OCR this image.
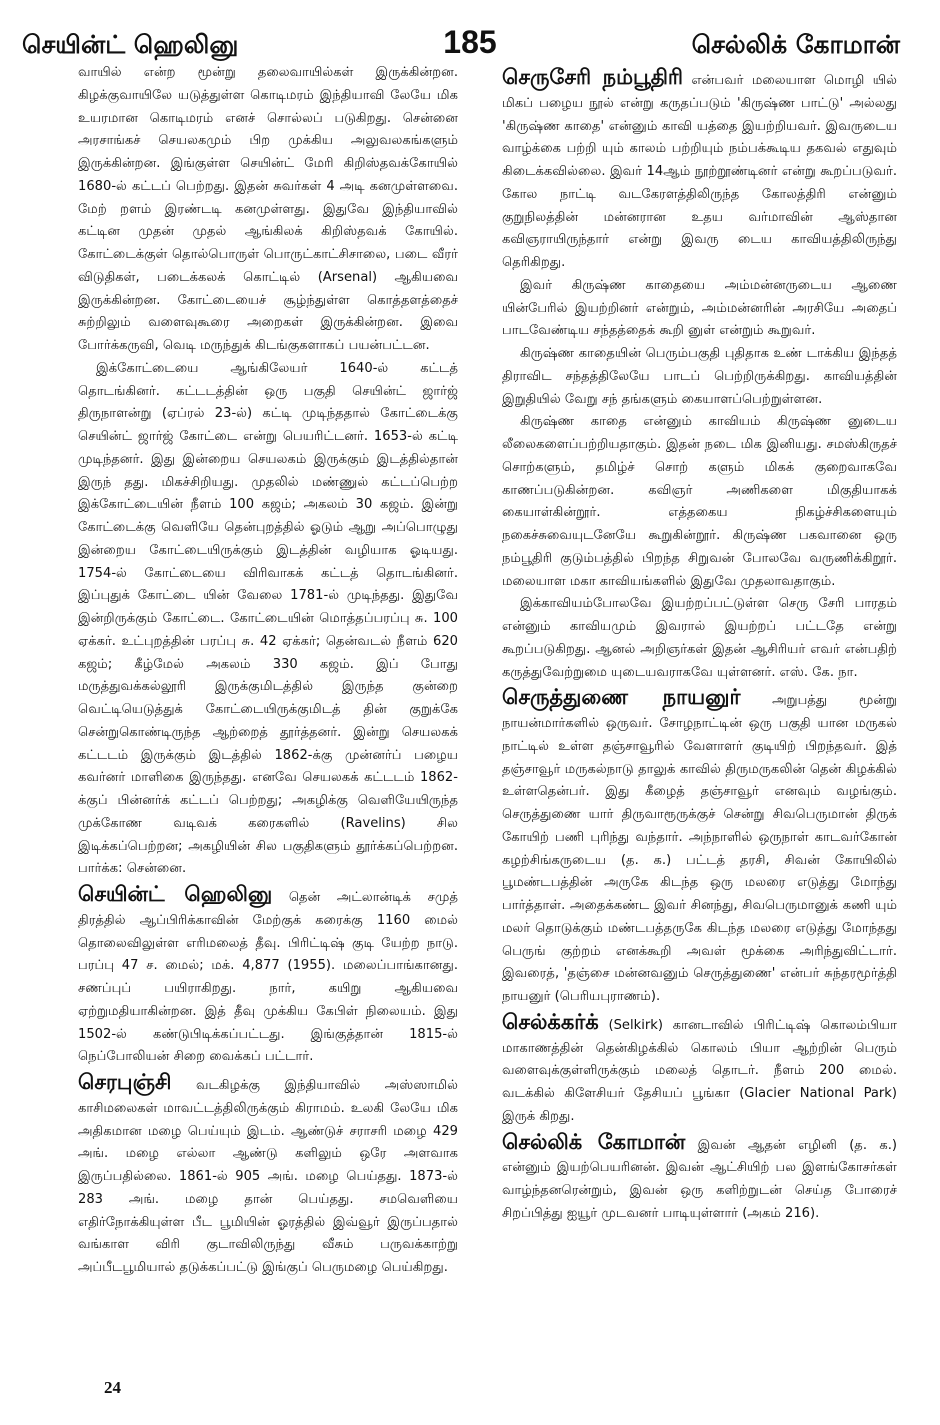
செயின்ட் ஹெலினு	185	செல்லிக் கோமான்

வாயில் என்ற மூன்று தலைவாயில்கள் இருக்கின்றன. கிழக்குவாயிலே யடுத்துள்ள கொடிமரம் இந்தியாவி லேயே மிக உயரமான கொடிமரம் எனச் சொல்லப் படுகிறது. சென்னை அரசாங்கச் செயலகமும் பிற முக்கிய அலுவலகங்களும் இருக்கின்றன. இங்குள்ள செயின்ட் மேரி கிறிஸ்தவக்கோயில் 1680-ல் கட்டப் பெற்றது. இதன் சுவர்கள் 4 அடி கனமுள்ளவை. மேற் றளம் இரண்டடி கனமுள்ளது. இதுவே இந்தியாவில் கட்டின முதன் முதல் ஆங்கிலக் கிறிஸ்தவக் கோயில். கோட்டைக்குள் தொல்பொருள் பொருட்காட்சிசாலை, படை வீரர் விடுதிகள், படைக்கலக் கொட்டில் (Arsenal) ஆகியவை இருக்கின்றன. கோட்டையைச் சூழ்ந்துள்ள கொத்தளத்தைச் சுற்றிலும் வளைவுகூரை அறைகள் இருக்கின்றன. இவை போர்க்கருவி, வெடி மருந்துக் கிடங்குகளாகப் பயன்பட்டன.

இக்கோட்டையை ஆங்கிலேயர் 1640-ல் கட்டத் தொடங்கினர். கட்டடத்தின் ஒரு பகுதி செயின்ட் ஜார்ஜ் திருநாளன்று (ஏப்ரல் 23-ல்) கட்டி முடிந்ததால் கோட்டைக்கு செயின்ட் ஜார்ஜ் கோட்டை என்று பெயரிட்டனர். 1653-ல் கட்டி முடிந்தனர். இது இன்றைய செயலகம் இருக்கும் இடத்தில்தான் இருந் தது. மிகச்சிறியது. முதலில் மண்ணுல் கட்டப்பெற்ற இக்கோட்டையின் நீளம் 100 கஜம்; அகலம் 30 கஜம். இன்று கோட்டைக்கு வெளியே தென்புறத்தில் ஓடும் ஆறு அப்பொழுது இன்றைய கோட்டையிருக்கும் இடத்தின் வழியாக ஓடியது. 1754-ல் கோட்டையை விரிவாகக் கட்டத் தொடங்கினர். இப்புதுக் கோட்டை யின் வேலை 1781-ல் முடிந்தது. இதுவே இன்றிருக்கும் கோட்டை. கோட்டையின் மொத்தப்பரப்பு சு. 100 ஏக்கர். உட்புறத்தின் பரப்பு சு. 42 ஏக்கர்; தென்வடல் நீளம் 620 கஜம்; கீழ்மேல் அகலம் 330 கஜம். இப் போது மருத்துவக்கல்லூரி இருக்குமிடத்தில் இருந்த குன்றை வெட்டியெடுத்துக் கோட்டையிருக்குமிடத் தின் குறுக்கே சென்றுகொண்டிருந்த ஆற்றைத் தூர்த்தனர். இன்று செயலகக் கட்டடம் இருக்கும் இடத்தில் 1862-க்கு முன்னர்ப் பழைய கவர்னர் மாளிகை இருந்தது. எனவே செயலகக் கட்டடம் 1862-க்குப் பின்னர்க் கட்டப் பெற்றது; அகழிக்கு வெளியேயிருந்த முக்கோண வடிவக் கரைகளில் (Ravelins) சில இடிக்கப்பெற்றன; அகழியின் சில பகுதிகளும் தூர்க்கப்பெற்றன. பார்க்க: சென்னை.

செயின்ட் ஹெலினு தென் அட்லான்டிக் சமுத் திரத்தில் ஆப்பிரிக்காவின் மேற்குக் கரைக்கு 1160 மைல் தொலைவிலுள்ள எரிமலைத் தீவு. பிரிட்டிஷ் குடி யேற்ற நாடு. பரப்பு 47 ச. மைல்; மக். 4,877 (1955). மலைப்பாங்கானது. சணப்புப் பயிராகிறது. நார், கயிறு ஆகியவை ஏற்றுமதியாகின்றன. இத் தீவு முக்கிய கேபிள் நிலையம். இது 1502-ல் கண்டுபிடிக்கப்பட்டது. இங்குத்தான் 1815-ல் நெப்போலியன் சிறை வைக்கப் பட்டார்.

செரபுஞ்சி வடகிழக்கு இந்தியாவில் அஸ்ஸாமில் காசிமலைகள் மாவட்டத்திலிருக்கும் கிராமம். உலகி லேயே மிக அதிகமான மழை பெய்யும் இடம். ஆண்டுச் சராசரி மழை 429 அங். மழை எல்லா ஆண்டு களிலும் ஒரே அளவாக இருப்பதில்லை. 1861-ல் 905 அங். மழை பெய்தது. 1873-ல் 283 அங். மழை தான் பெய்தது. சமவெளியை எதிர்நோக்கியுள்ள பீட பூமியின் ஓரத்தில் இவ்வூர் இருப்பதால் வங்காள விரி குடாவிலிருந்து வீசும் பருவக்காற்று அப்பீடபூமியால் தடுக்கப்பட்டு இங்குப் பெருமழை பெய்கிறது.

செருசேரி நம்பூதிரி என்பவர் மலையாள மொழி யில் மிகப் பழைய நூல் என்று கருதப்படும் 'கிருஷ்ண பாட்டு' அல்லது 'கிருஷ்ண காதை' என்னும் காவி யத்தை இயற்றியவர். இவருடைய வாழ்க்கை பற்றி யும் காலம் பற்றியும் நம்பக்கூடிய தகவல் எதுவும் கிடைக்கவில்லை. இவர் 14ஆம் நூற்றூண்டினர் என்று கூறப்படுவர். கோல நாட்டி வடகேரளத்திலிருந்த கோலத்திரி என்னும் குறுநிலத்தின் மன்னரான உதய வர்மாவின் ஆஸ்தான கவிஞராயிருந்தார் என்று இவரு டைய காவியத்திலிருந்து தெரிகிறது.

இவர் கிருஷ்ண காதையை அம்மன்னருடைய ஆணை யின்பேரில் இயற்றினர் என்றும், அம்மன்னரின் அரசியே அதைப் பாடவேண்டிய சந்தத்தைக் கூறி னுள் என்றும் கூறுவர்.

கிருஷ்ண காதையின் பெரும்பகுதி புதிதாக உண் டாக்கிய இந்தத் திராவிட சந்தத்திலேயே பாடப் பெற்றிருக்கிறது. காவியத்தின் இறுதியில் வேறு சந் தங்களும் கையாளப்பெற்றுள்ளன.

கிருஷ்ண காதை என்னும் காவியம் கிருஷ்ண னுடைய லீலைகளைப்பற்றியதாகும். இதன் நடை மிக இனியது. சமஸ்கிருதச் சொற்களும், தமிழ்ச் சொற் களும் மிகக் குறைவாகவே காணப்படுகின்றன. கவிஞர் அணிகளை மிகுதியாகக் கையாள்கின்றூர். எத்தகைய நிகழ்ச்சிகளையும் நகைச்சுவையுடனேயே கூறுகின்றூர். கிருஷ்ண பகவானை ஒரு நம்பூதிரி குடும்பத்தில் பிறந்த சிறுவன் போலவே வருணிக்கிறூர். மலையாள மகா காவியங்களில் இதுவே முதலாவதாகும்.

இக்காவியம்போலவே இயற்றப்பட்டுள்ள செரு சேரி பாரதம் என்னும் காவியமும் இவரால் இயற்றப் பட்டதே என்று கூறப்படுகிறது. ஆனல் அறிஞர்கள் இதன் ஆசிரியர் எவர் என்பதிற் கருத்துவேற்றுமை யுடையவராகவே யுள்ளனர். எஸ். கே. நா.

செருத்துணை நாயனுர் அறுபத்து மூன்று நாயன்மார்களில் ஒருவர். சோழநாட்டின் ஒரு பகுதி யான மருகல் நாட்டில் உள்ள தஞ்சாவூரில் வேளாளர் குடியிற் பிறந்தவர். இத் தஞ்சாவூர் மருகல்நாடு தாலுக் காவில் திருமருகலின் தென் கிழக்கில் உள்ளதென்பர். இது கீழைத் தஞ்சாவூர் எனவும் வழங்கும். செருத்துணை யார் திருவாரூருக்குச் சென்று சிவபெருமான் திருக் கோயிற் பணி புரிந்து வந்தார். அந்நாளில் ஒருநாள் காடவர்கோன் கழற்சிங்கருடைய (த. க.) பட்டத் தரசி, சிவன் கோயிலில் பூமண்டபத்தின் அருகே கிடந்த ஒரு மலரை எடுத்து மோந்து பார்த்தாள். அதைக்கண்ட இவர் சினந்து, சிவபெருமானுக் கணி யும் மலர் தொடுக்கும் மண்டபத்தருகே கிடந்த மலரை எடுத்து மோந்தது பெருங் குற்றம் எனக்கூறி அவள் மூக்கை அரிந்துவிட்டார். இவரைத், 'தஞ்சை மன்னவனும் செருத்துணை' என்பர் சுந்தரமூர்த்தி நாயனுர் (பெரியபுராணம்).

செல்க்கர்க் (Selkirk) கானடாவில் பிரிட்டிஷ் கொலம்பியா மாகாணத்தின் தென்கிழக்கில் கொலம் பியா ஆற்றின் பெரும் வளைவுக்குள்ளிருக்கும் மலைத் தொடர். நீளம் 200 மைல். வடக்கில் கிளேசியர் தேசியப் பூங்கா (Glacier National Park) இருக் கிறது.

செல்லிக் கோமான் இவன் ஆதன் எழினி (த. க.) என்னும் இயற்பெயரினன். இவன் ஆட்சியிற் பல இளங்கோசர்கள் வாழ்ந்தனரென்றும், இவன் ஒரு களிற்றுடன் செய்த போரைச் சிறப்பித்து ஐயூர் முடவனர் பாடியுள்ளார் (அகம் 216).

24
